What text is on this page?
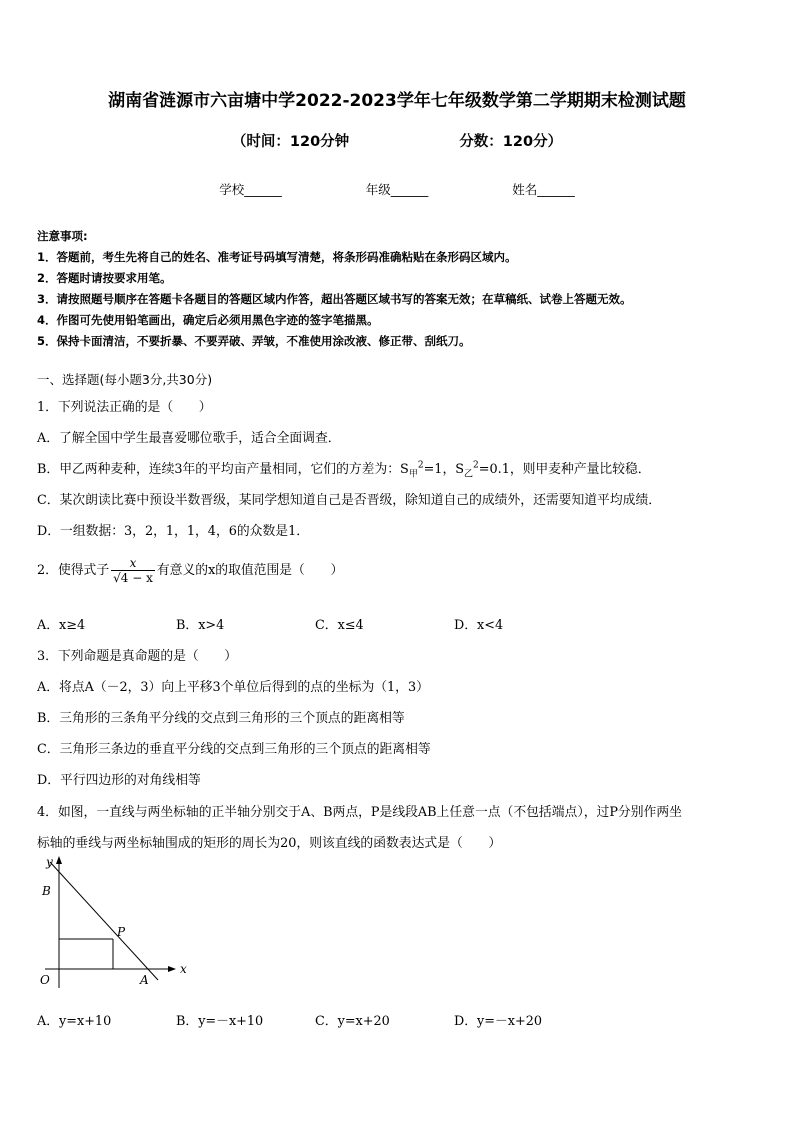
湖南省涟源市六亩塘中学2022-2023学年七年级数学第二学期期末检测试题
（时间：120分钟	分数：120分）
学校______	年级______	姓名______
注意事项:
1．答题前，考生先将自己的姓名、准考证号码填写清楚，将条形码准确粘贴在条形码区域内。
2．答题时请按要求用笔。
3．请按照题号顺序在答题卡各题目的答题区域内作答，超出答题区域书写的答案无效；在草稿纸、试卷上答题无效。
4．作图可先使用铅笔画出，确定后必须用黑色字迹的签字笔描黑。
5．保持卡面清洁，不要折暴、不要弄破、弄皱，不准使用涂改液、修正带、刮纸刀。
一、选择题(每小题3分,共30分)
1．下列说法正确的是（　　）
A．了解全国中学生最喜爱哪位歌手，适合全面调查．
B．甲乙两种麦种，连续3年的平均亩产量相同，它们的方差为：$S_甲^2=1$，$S_乙^2=0.1$，则甲麦种产量比较稳．
C．某次朗读比赛中预设半数晋级，某同学想知道自己是否晋级，除知道自己的成绩外，还需要知道平均成绩．
D．一组数据：3，2，1，1，4，6的众数是1．
2．使得式子 $\frac{x}{√4 - x}$ 有意义的x的取值范围是（　　）
A．x≥4	B．x>4	C．x≤4	D．x<4
3．下列命题是真命题的是（　　）
A．将点A（－2，3）向上平移3个单位后得到的点的坐标为（1，3）
B．三角形的三条角平分线的交点到三角形的三个顶点的距离相等
C．三角形三条边的垂直平分线的交点到三角形的三个顶点的距离相等
D．平行四边形的对角线相等
4．如图，一直线与两坐标轴的正半轴分别交于A、B两点，P是线段AB上任意一点（不包括端点），过P分别作两坐
标轴的垂线与两坐标轴围成的矩形的周长为20，则该直线的函数表达式是（　　）
y
x
B
P
O	A
A．y=x+10	B．y=－x+10	C．y=x+20	D．y=－x+20
